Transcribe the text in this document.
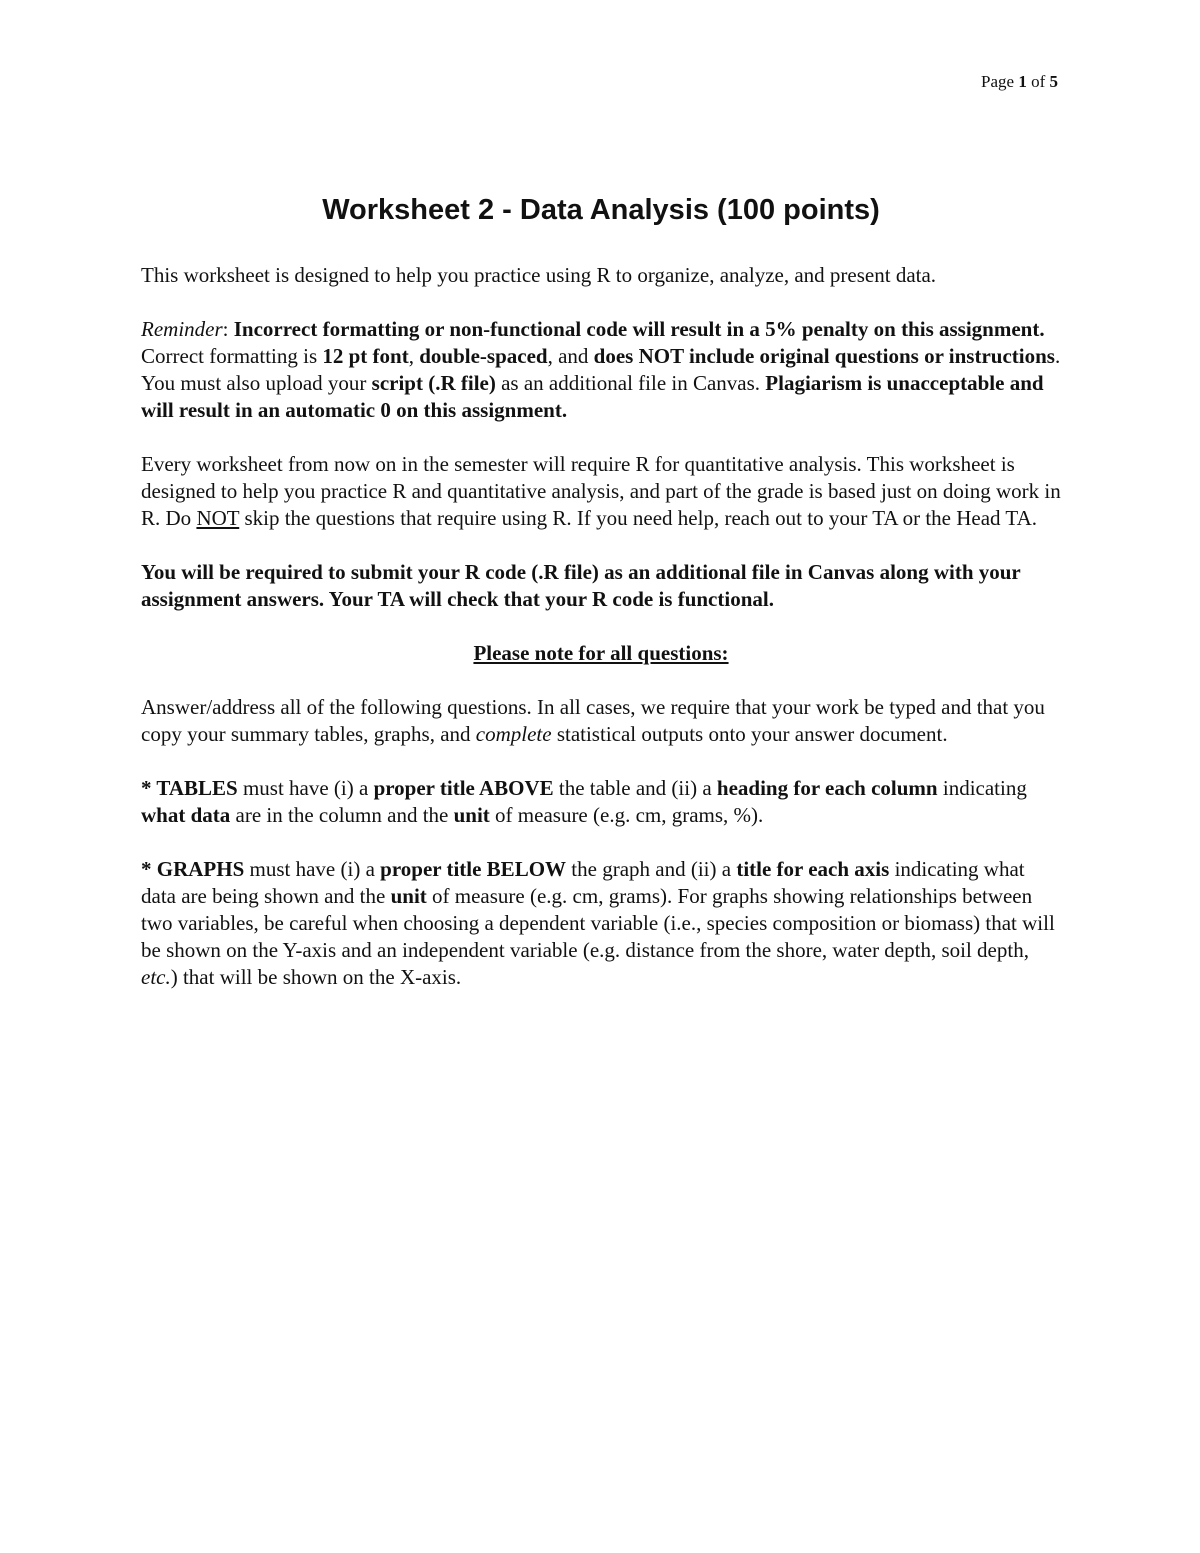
Page 1 of 5
Worksheet 2 - Data Analysis (100 points)

This worksheet is designed to help you practice using R to organize, analyze, and present data.

Reminder: Incorrect formatting or non-functional code will result in a 5% penalty on this assignment. Correct formatting is 12 pt font, double-spaced, and does NOT include original questions or instructions. You must also upload your script (.R file) as an additional file in Canvas. Plagiarism is unacceptable and will result in an automatic 0 on this assignment.

Every worksheet from now on in the semester will require R for quantitative analysis. This worksheet is designed to help you practice R and quantitative analysis, and part of the grade is based just on doing work in R. Do NOT skip the questions that require using R. If you need help, reach out to your TA or the Head TA.

You will be required to submit your R code (.R file) as an additional file in Canvas along with your assignment answers. Your TA will check that your R code is functional.

Please note for all questions:

Answer/address all of the following questions. In all cases, we require that your work be typed and that you copy your summary tables, graphs, and complete statistical outputs onto your answer document.

* TABLES must have (i) a proper title ABOVE the table and (ii) a heading for each column indicating what data are in the column and the unit of measure (e.g. cm, grams, %).

* GRAPHS must have (i) a proper title BELOW the graph and (ii) a title for each axis indicating what data are being shown and the unit of measure (e.g. cm, grams). For graphs showing relationships between two variables, be careful when choosing a dependent variable (i.e., species composition or biomass) that will be shown on the Y-axis and an independent variable (e.g. distance from the shore, water depth, soil depth, etc.) that will be shown on the X-axis.
